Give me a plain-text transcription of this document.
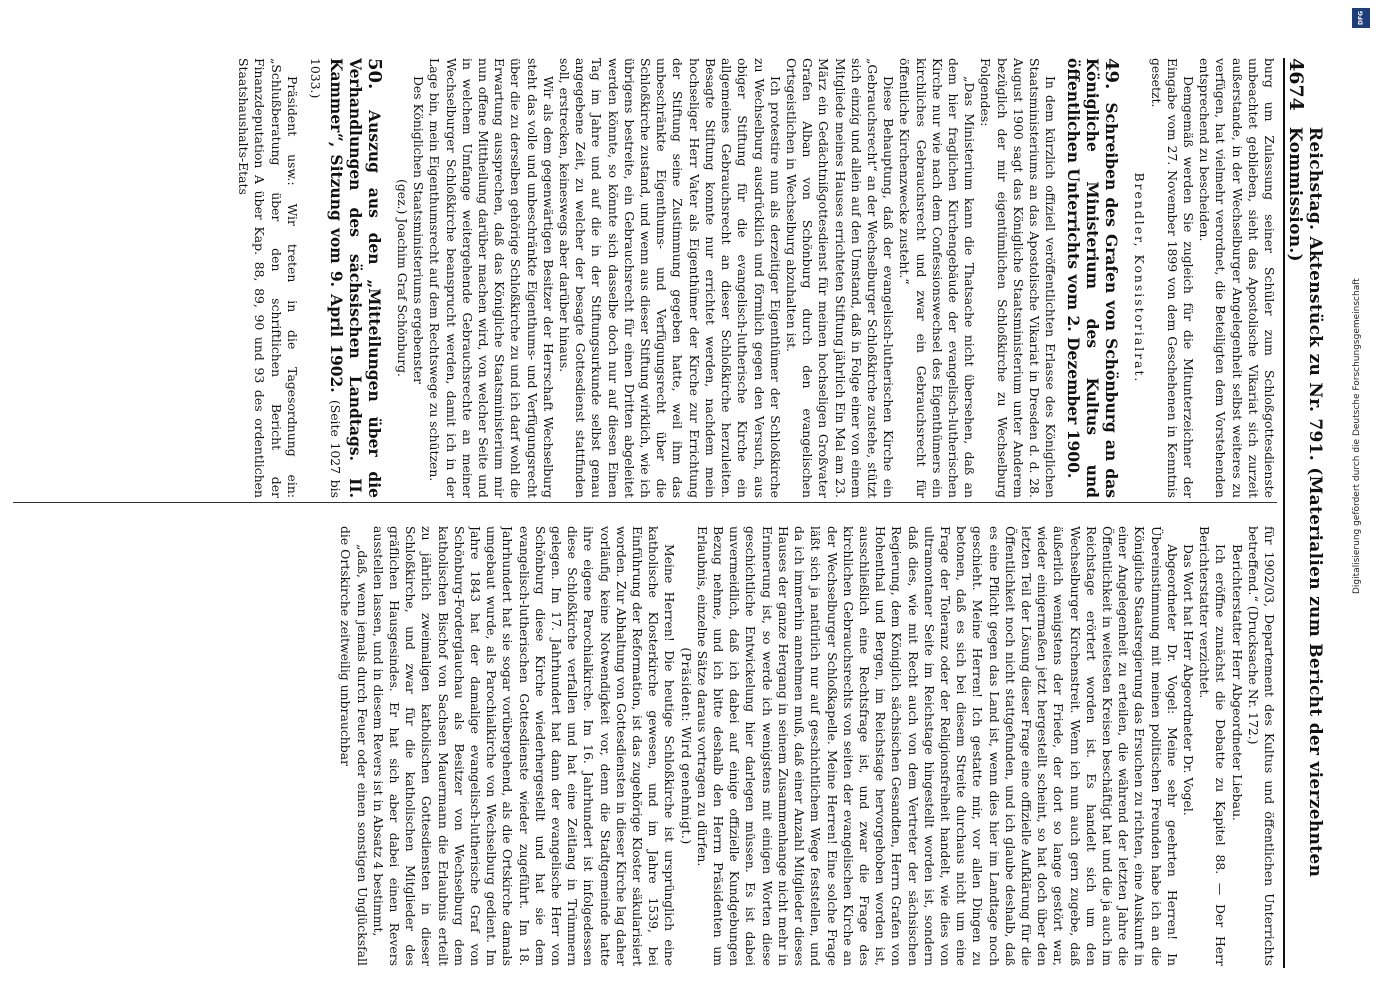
4674
Reichstag. Aktenstück zu Nr. 791. (Materialien zum Bericht der vierzehnten Kommission.)

burg um Zulassung seiner Schüler zum Schloßgottesdienste unbeachtet geblieben, sieht das Apostolische Vikariat sich zurzeit außerstande, in der Wechselburger Angelegenheit selbst weiteres zu verfügen, hat vielmehr verordnet, die Beteiligten dem Vorstehenden entsprechend zu bescheiden.

Demgemäß werden Sie zugleich für die Mitunterzeichner der Eingabe vom 27. November 1899 von dem Geschehenen in Kenntnis gesetzt.

Brendler, Konsistorialrat.

49. Schreiben des Grafen von Schönburg an das Königliche Ministerium des Kultus und öffentlichen Unterrichts vom 2. Dezember 1900.

In dem kürzlich offiziell veröffentlichten Erlasse des Königlichen Staatsministeriums an das Apostolische Vikariat in Dresden d. d. 28. August 1900 sagt das Königliche Staatsministerium unter Anderem bezüglich der mir eigentümlichen Schloßkirche zu Wechselburg Folgendes:

„Das Ministerium kann die Thatsache nicht übersehen, daß an dem hier fraglichen Kirchengebäude der evangelisch-lutherischen Kirche nur wie nach dem Confessionswechsel des Eigenthümers ein kirchliches Gebrauchsrecht und zwar ein Gebrauchsrecht für öffentliche Kirchenzwecke zusteht.“

Diese Behauptung, daß der evangelisch-lutherischen Kirche ein „Gebrauchsrecht“ an der Wechselburger Schloßkirche zustehe, stützt sich einzig und allein auf den Umstand, daß in Folge einer von einem Mitgliede meines Hauses errichteten Stiftung jährlich Ein Mal am 23. März ein Gedächtnißgottesdienst für meinen hochseligen Großvater Grafen Alban von Schönburg durch den evangelischen Ortsgeistlichen in Wechselburg abzuhalten ist.

Ich protestire nun als derzeitiger Eigenthümer der Schloßkirche zu Wechselburg ausdrücklich und förmlich gegen den Versuch, aus obiger Stiftung für die evangelisch-lutherische Kirche ein allgemeines Gebrauchsrecht an dieser Schloßkirche herzuleiten. Besagte Stiftung konnte nur errichtet werden, nachdem mein hochseliger Herr Vater als Eigenthümer der Kirche zur Errichtung der Stiftung seine Zustimmung gegeben hatte, weil ihm das unbeschränkte Eigenthums- und Verfügungsrecht über die Schloßkirche zustand, und wenn aus dieser Stiftung wirklich, wie ich übrigens bestreite, ein Gebrauchsrecht für einen Dritten abgeleitet werden könnte, so könnte sich dasselbe doch nur auf diesen Einen Tag im Jahre und auf die in der Stiftungsurkunde selbst genau angegebene Zeit, zu welcher der besagte Gottesdienst stattfinden soll, erstrecken, keineswegs aber darüber hinaus.

Wir als dem gegenwärtigen Besitzer der Herrschaft Wechselburg steht das volle und unbeschränkte Eigenthums- und Verfügungsrecht über die zu derselben gehörige Schloßkirche zu und ich darf wohl die Erwartung aussprechen, daß das Königliche Staatsministerium mir nun offene Mittheilung darüber machen wird, von welcher Seite und in welchem Umfange weitergehende Gebrauchsrechte an meiner Wechselburger Schloßkirche beansprucht werden, damit ich in der Lage bin, mein Eigenthumsrecht auf dem Rechtswege zu schützen.

Des Königlichen Staatsministeriums ergebenster

(gez.) Joachim Graf Schönburg.

50. Auszug aus den „Mitteilungen über die Verhandlungen des sächsischen Landtags. II. Kammer“, Sitzung vom 9. April 1902. (Seite 1027 bis 1033.)

Präsident usw.: Wir treten in die Tagesordnung ein: „Schlußberatung über den schriftlichen Bericht der Finanzdeputation A über Kap. 88, 89, 90 und 93 des ordentlichen Staatshaushalts-Etats

für 1902/03, Departement des Kultus und öffentlichen Unterrichts betreffend.“ (Drucksache Nr. 172.)

Berichterstatter Herr Abgeordneter Liebau.

Ich eröffne zunächst die Debatte zu Kapitel 88. — Der Herr Berichterstatter verzichtet.

Das Wort hat Herr Abgeordneter Dr. Vogel.

Abgeordneter Dr. Vogel: Meine sehr geehrten Herren! In Übereinstimmung mit meinen politischen Freunden habe ich an die Königliche Staatsregierung das Ersuchen zu richten, eine Auskunft in einer Angelegenheit zu erteilen, die während der letzten Jahre die Öffentlichkeit in weitesten Kreisen beschäftigt hat und die ja auch im Reichstage erörtert worden ist. Es handelt sich um den Wechselburger Kirchenstreit. Wenn ich nun auch gern zugebe, daß äußerlich wenigstens der Friede, der dort so lange gestört war, wieder einigermaßen jetzt hergestellt scheint, so hat doch über den letzten Teil der Lösung dieser Frage eine offizielle Aufklärung für die Öffentlichkeit noch nicht stattgefunden, und ich glaube deshalb, daß es eine Pflicht gegen das Land ist, wenn dies hier im Landtage noch geschieht. Meine Herren! Ich gestatte mir, vor allen Dingen zu betonen, daß es sich bei diesem Streite durchaus nicht um eine Frage der Toleranz oder der Religionsfreiheit handelt, wie dies von ultramontaner Seite im Reichstage hingestellt worden ist, sondern daß dies, wie mit Recht auch von dem Vertreter der sächsischen Regierung, dem Königlich sächsischen Gesandten, Herrn Grafen von Hohenthal und Bergen, im Reichstage hervorgehoben worden ist, ausschließlich eine Rechtsfrage ist, und zwar die Frage des kirchlichen Gebrauchsrechts von seiten der evangelischen Kirche an der Wechselburger Schloßkapelle. Meine Herren! Eine solche Frage läßt sich ja natürlich nur auf geschichtlichem Wege feststellen, und da ich immerhin annehmen muß, daß einer Anzahl Mitglieder dieses Hauses der ganze Hergang in seinem Zusammenhange nicht mehr in Erinnerung ist, so werde ich wenigstens mit einigen Worten diese geschichtliche Entwickelung hier darlegen müssen. Es ist dabei unvermeidlich, daß ich dabei auf einige offizielle Kundgebungen Bezug nehme, und ich bitte deshalb den Herrn Präsidenten um Erlaubnis, einzelne Sätze daraus vortragen zu dürfen.

(Präsident: Wird genehmigt.)

Meine Herren! Die heutige Schloßkirche ist ursprünglich eine katholische Klosterkirche gewesen, und im Jahre 1539, bei Einführung der Reformation, ist das zugehörige Kloster säkularisiert worden. Zur Abhaltung von Gottesdiensten in dieser Kirche lag daher vorläufig keine Notwendigkeit vor, denn die Stadtgemeinde hatte ihre eigene Parochialkirche. Im 16. Jahrhundert ist infolgedessen diese Schloßkirche verfallen und hat eine Zeitlang in Trümmern gelegen. Im 17. Jahrhundert hat dann der evangelische Herr von Schönburg diese Kirche wiederhergestellt und hat sie dem evangelisch-lutherischen Gottesdienste wieder zugeführt. Im 18. Jahrhundert hat sie sogar vorübergehend, als die Ortskirche damals umgebaut wurde, als Parochialkirche von Wechselburg gedient. Im Jahre 1843 hat der damalige evangelisch-lutherische Graf von Schönburg-Forderglauchau als Besitzer von Wechselburg dem katholischen Bischof von Sachsen Mauermann die Erlaubnis erteilt zu jährlich zweimaligen katholischen Gottesdiensten in dieser Schloßkirche, und zwar für die katholischen Mitglieder des gräflichen Hausgesindes. Er hat sich aber dabei einen Revers ausstellen lassen, und in diesem Revers ist in Absatz 4 bestimmt,

„daß, wenn jemals durch Feuer oder einen sonstigen Unglücksfall die Ortskirche zeitweilig unbrauchbar

DFG
Digitalisierung gefördert durch die Deutsche Forschungsgemeinschaft
